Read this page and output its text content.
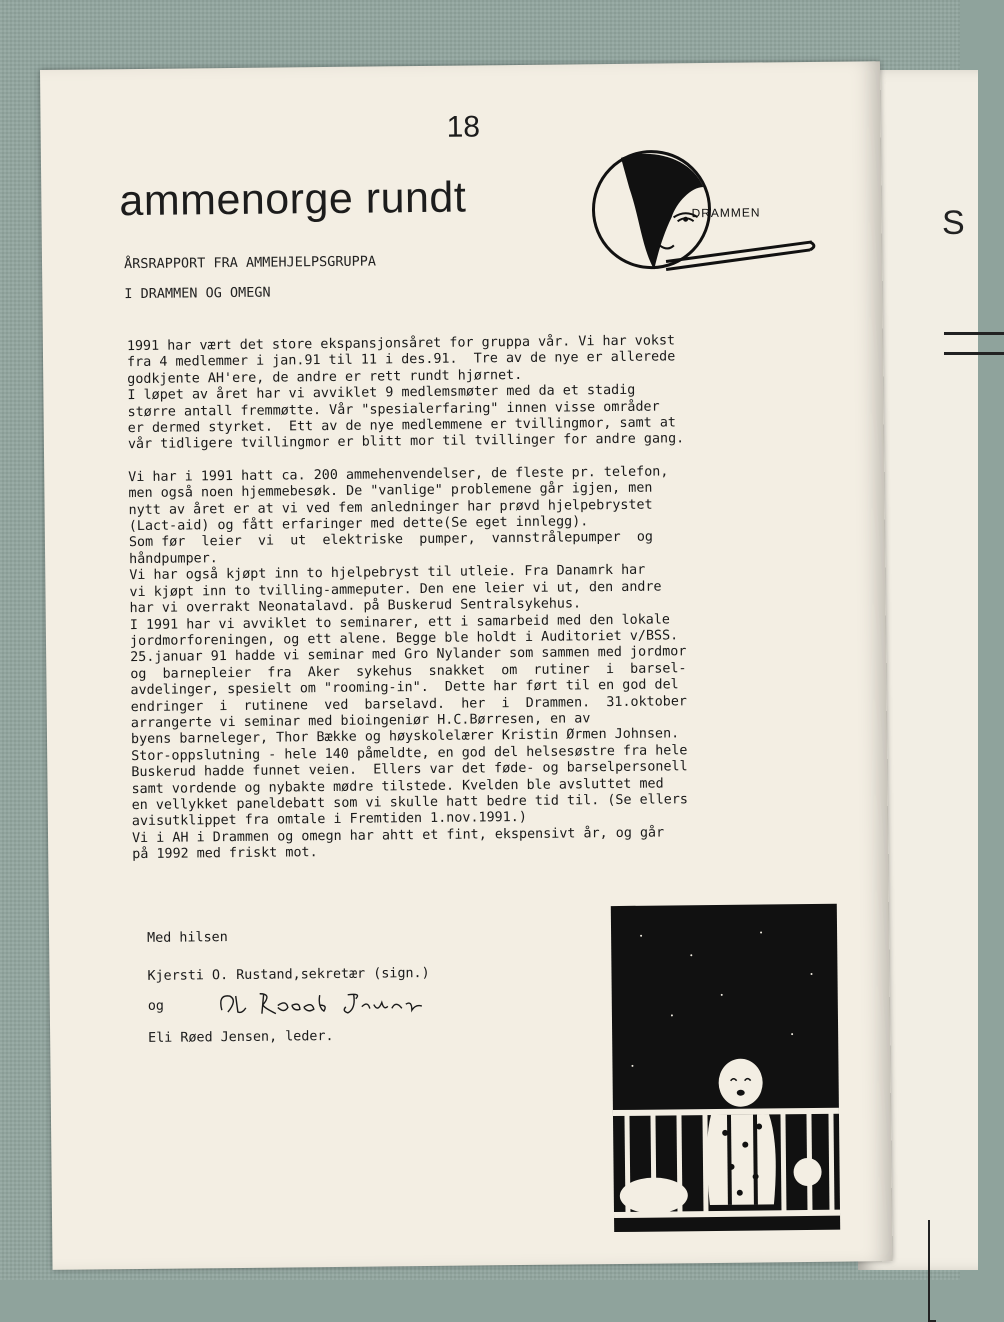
S
18
ammenorge rundt
ÅRSRAPPORT FRA AMMEHJELPSGRUPPA
I DRAMMEN OG OMEGN
DRAMMEN

1991 har vært det store ekspansjonsåret for gruppa vår. Vi har vokst

fra 4 medlemmer i jan.91 til 11 i des.91.  Tre av de nye er allerede

godkjente AH'ere, de andre er rett rundt hjørnet.

I løpet av året har vi avviklet 9 medlemsmøter med da et stadig

større antall fremmøtte. Vår "spesialerfaring" innen visse områder

er dermed styrket.  Ett av de nye medlemmene er tvillingmor, samt at

vår tidligere tvillingmor er blitt mor til tvillinger for andre gang.

Vi har i 1991 hatt ca. 200 ammehenvendelser, de fleste pr. telefon,

men også noen hjemmebesøk. De "vanlige" problemene går igjen, men

nytt av året er at vi ved fem anledninger har prøvd hjelpebrystet

(Lact-aid) og fått erfaringer med dette(Se eget innlegg).

Som før  leier  vi  ut  elektriske  pumper,  vannstrålepumper  og

håndpumper.

Vi har også kjøpt inn to hjelpebryst til utleie. Fra Danamrk har

vi kjøpt inn to tvilling-ammeputer. Den ene leier vi ut, den andre

har vi overrakt Neonatalavd. på Buskerud Sentralsykehus.

I 1991 har vi avviklet to seminarer, ett i samarbeid med den lokale

jordmorforeningen, og ett alene. Begge ble holdt i Auditoriet v/BSS.

25.januar 91 hadde vi seminar med Gro Nylander som sammen med jordmor

og  barnepleier  fra  Aker  sykehus  snakket  om  rutiner  i  barsel-

avdelinger, spesielt om "rooming-in".  Dette har ført til en god del

endringer  i  rutinene  ved  barselavd.  her  i  Drammen.  31.oktober

arrangerte vi seminar med bioingeniør H.C.Børresen, en av

byens barneleger, Thor Bække og høyskolelærer Kristin Ørmen Johnsen.

Stor-oppslutning - hele 140 påmeldte, en god del helsesøstre fra hele

Buskerud hadde funnet veien.  Ellers var det føde- og barselpersonell

samt vordende og nybakte mødre tilstede. Kvelden ble avsluttet med

en vellykket paneldebatt som vi skulle hatt bedre tid til. (Se ellers

avisutklippet fra omtale i Fremtiden 1.nov.1991.)

Vi i AH i Drammen og omegn har ahtt et fint, ekspensivt år, og går

på 1992 med friskt mot.

Med hilsen
Kjersti O. Rustand,sekretær (sign.)
og
Eli Røed Jensen, leder.
